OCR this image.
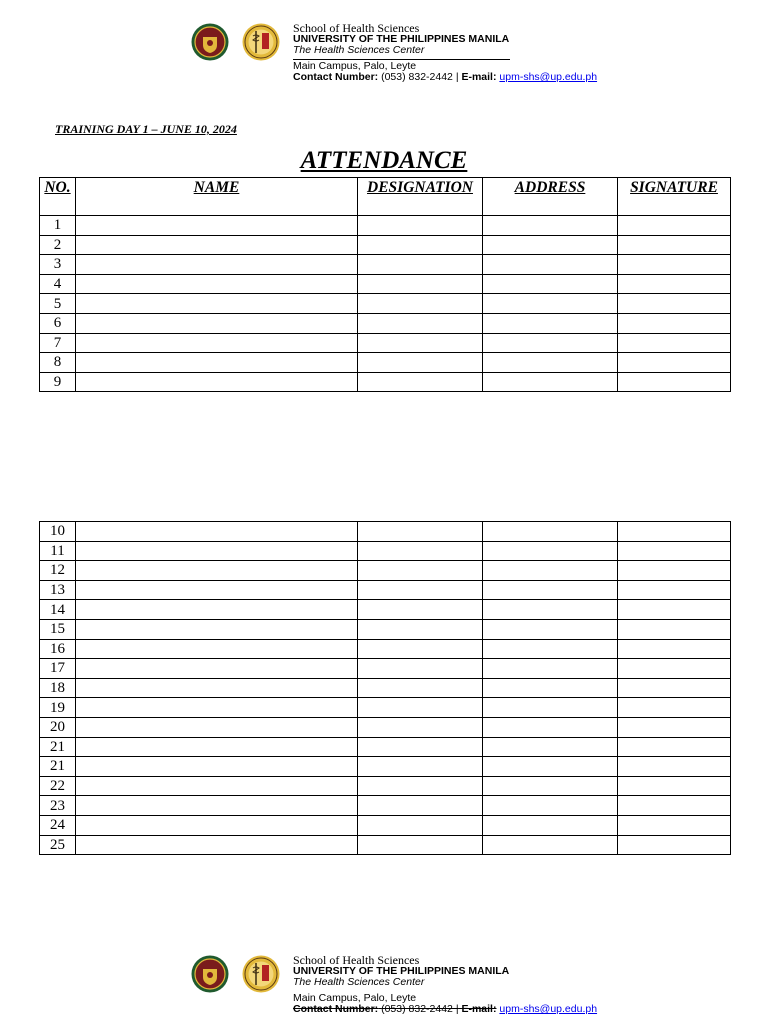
School of Health Sciences
UNIVERSITY OF THE PHILIPPINES MANILA
The Health Sciences Center
Main Campus, Palo, Leyte
Contact Number: (053) 832-2442 | E-mail: upm-shs@up.edu.ph
TRAINING DAY 1 – JUNE 10, 2024
ATTENDANCE
NO.	NAME	DESIGNATION	ADDRESS	SIGNATURE
1				
2				
3				
4				
5				
6				
7				
8				
9				
10				
11				
12				
13				
14				
15				
16				
17				
18				
19				
20				
21				
21				
22				
23				
24				
25				
School of Health Sciences
UNIVERSITY OF THE PHILIPPINES MANILA
The Health Sciences Center
Main Campus, Palo, Leyte
Contact Number: (053) 832-2442 | E-mail: upm-shs@up.edu.ph
